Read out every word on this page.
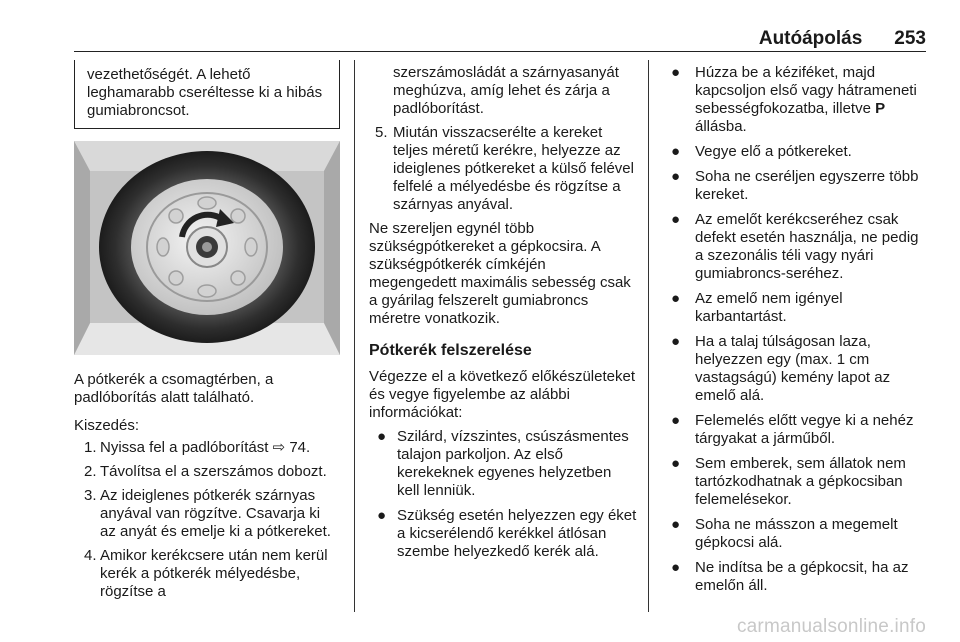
Autóápolás 253
vezethetőségét. A lehető leghamarabb cseréltesse ki a hibás gumiabroncsot.

A pótkerék a csomagtérben, a padlóborítás alatt található.

Kiszedés:

1. Nyissa fel a padlóborítást ⇨ 74.
2. Távolítsa el a szerszámos dobozt.
3. Az ideiglenes pótkerék szárnyas anyával van rögzítve. Csavarja ki az anyát és emelje ki a pótkereket.
4. Amikor kerékcsere után nem kerül kerék a pótkerék mélyedésbe, rögzítse a
szerszámosládát a szárnyasanyát meghúzva, amíg lehet és zárja a padlóborítást.
5. Miután visszacserélte a kereket teljes méretű kerékre, helyezze az ideiglenes pótkereket a külső felével felfelé a mélyedésbe és rögzítse a szárnyas anyával.

Ne szereljen egynél több szükségpótkereket a gépkocsira. A szükségpótkerék címkéjén megengedett maximális sebesség csak a gyárilag felszerelt gumiabroncs méretre vonatkozik.

Pótkerék felszerelése

Végezze el a következő előkészületeket és vegye figyelembe az alábbi információkat:

● Szilárd, vízszintes, csúszásmentes talajon parkoljon. Az első kerekeknek egyenes helyzetben kell lenniük.
● Szükség esetén helyezzen egy éket a kicserélendő kerékkel átlósan szembe helyezkedő kerék alá.
● Húzza be a kéziféket, majd kapcsoljon első vagy hátrameneti sebességfokozatba, illetve P állásba.
● Vegye elő a pótkereket.
● Soha ne cseréljen egyszerre több kereket.
● Az emelőt kerékcseréhez csak defekt esetén használja, ne pedig a szezonális téli vagy nyári gumiabroncs-seréhez.
● Az emelő nem igényel karbantartást.
● Ha a talaj túlságosan laza, helyezzen egy (max. 1 cm vastagságú) kemény lapot az emelő alá.
● Felemelés előtt vegye ki a nehéz tárgyakat a járműből.
● Sem emberek, sem állatok nem tartózkodhatnak a gépkocsiban felemelésekor.
● Soha ne másszon a megemelt gépkocsi alá.
● Ne indítsa be a gépkocsit, ha az emelőn áll.
carmanualsonline.info
